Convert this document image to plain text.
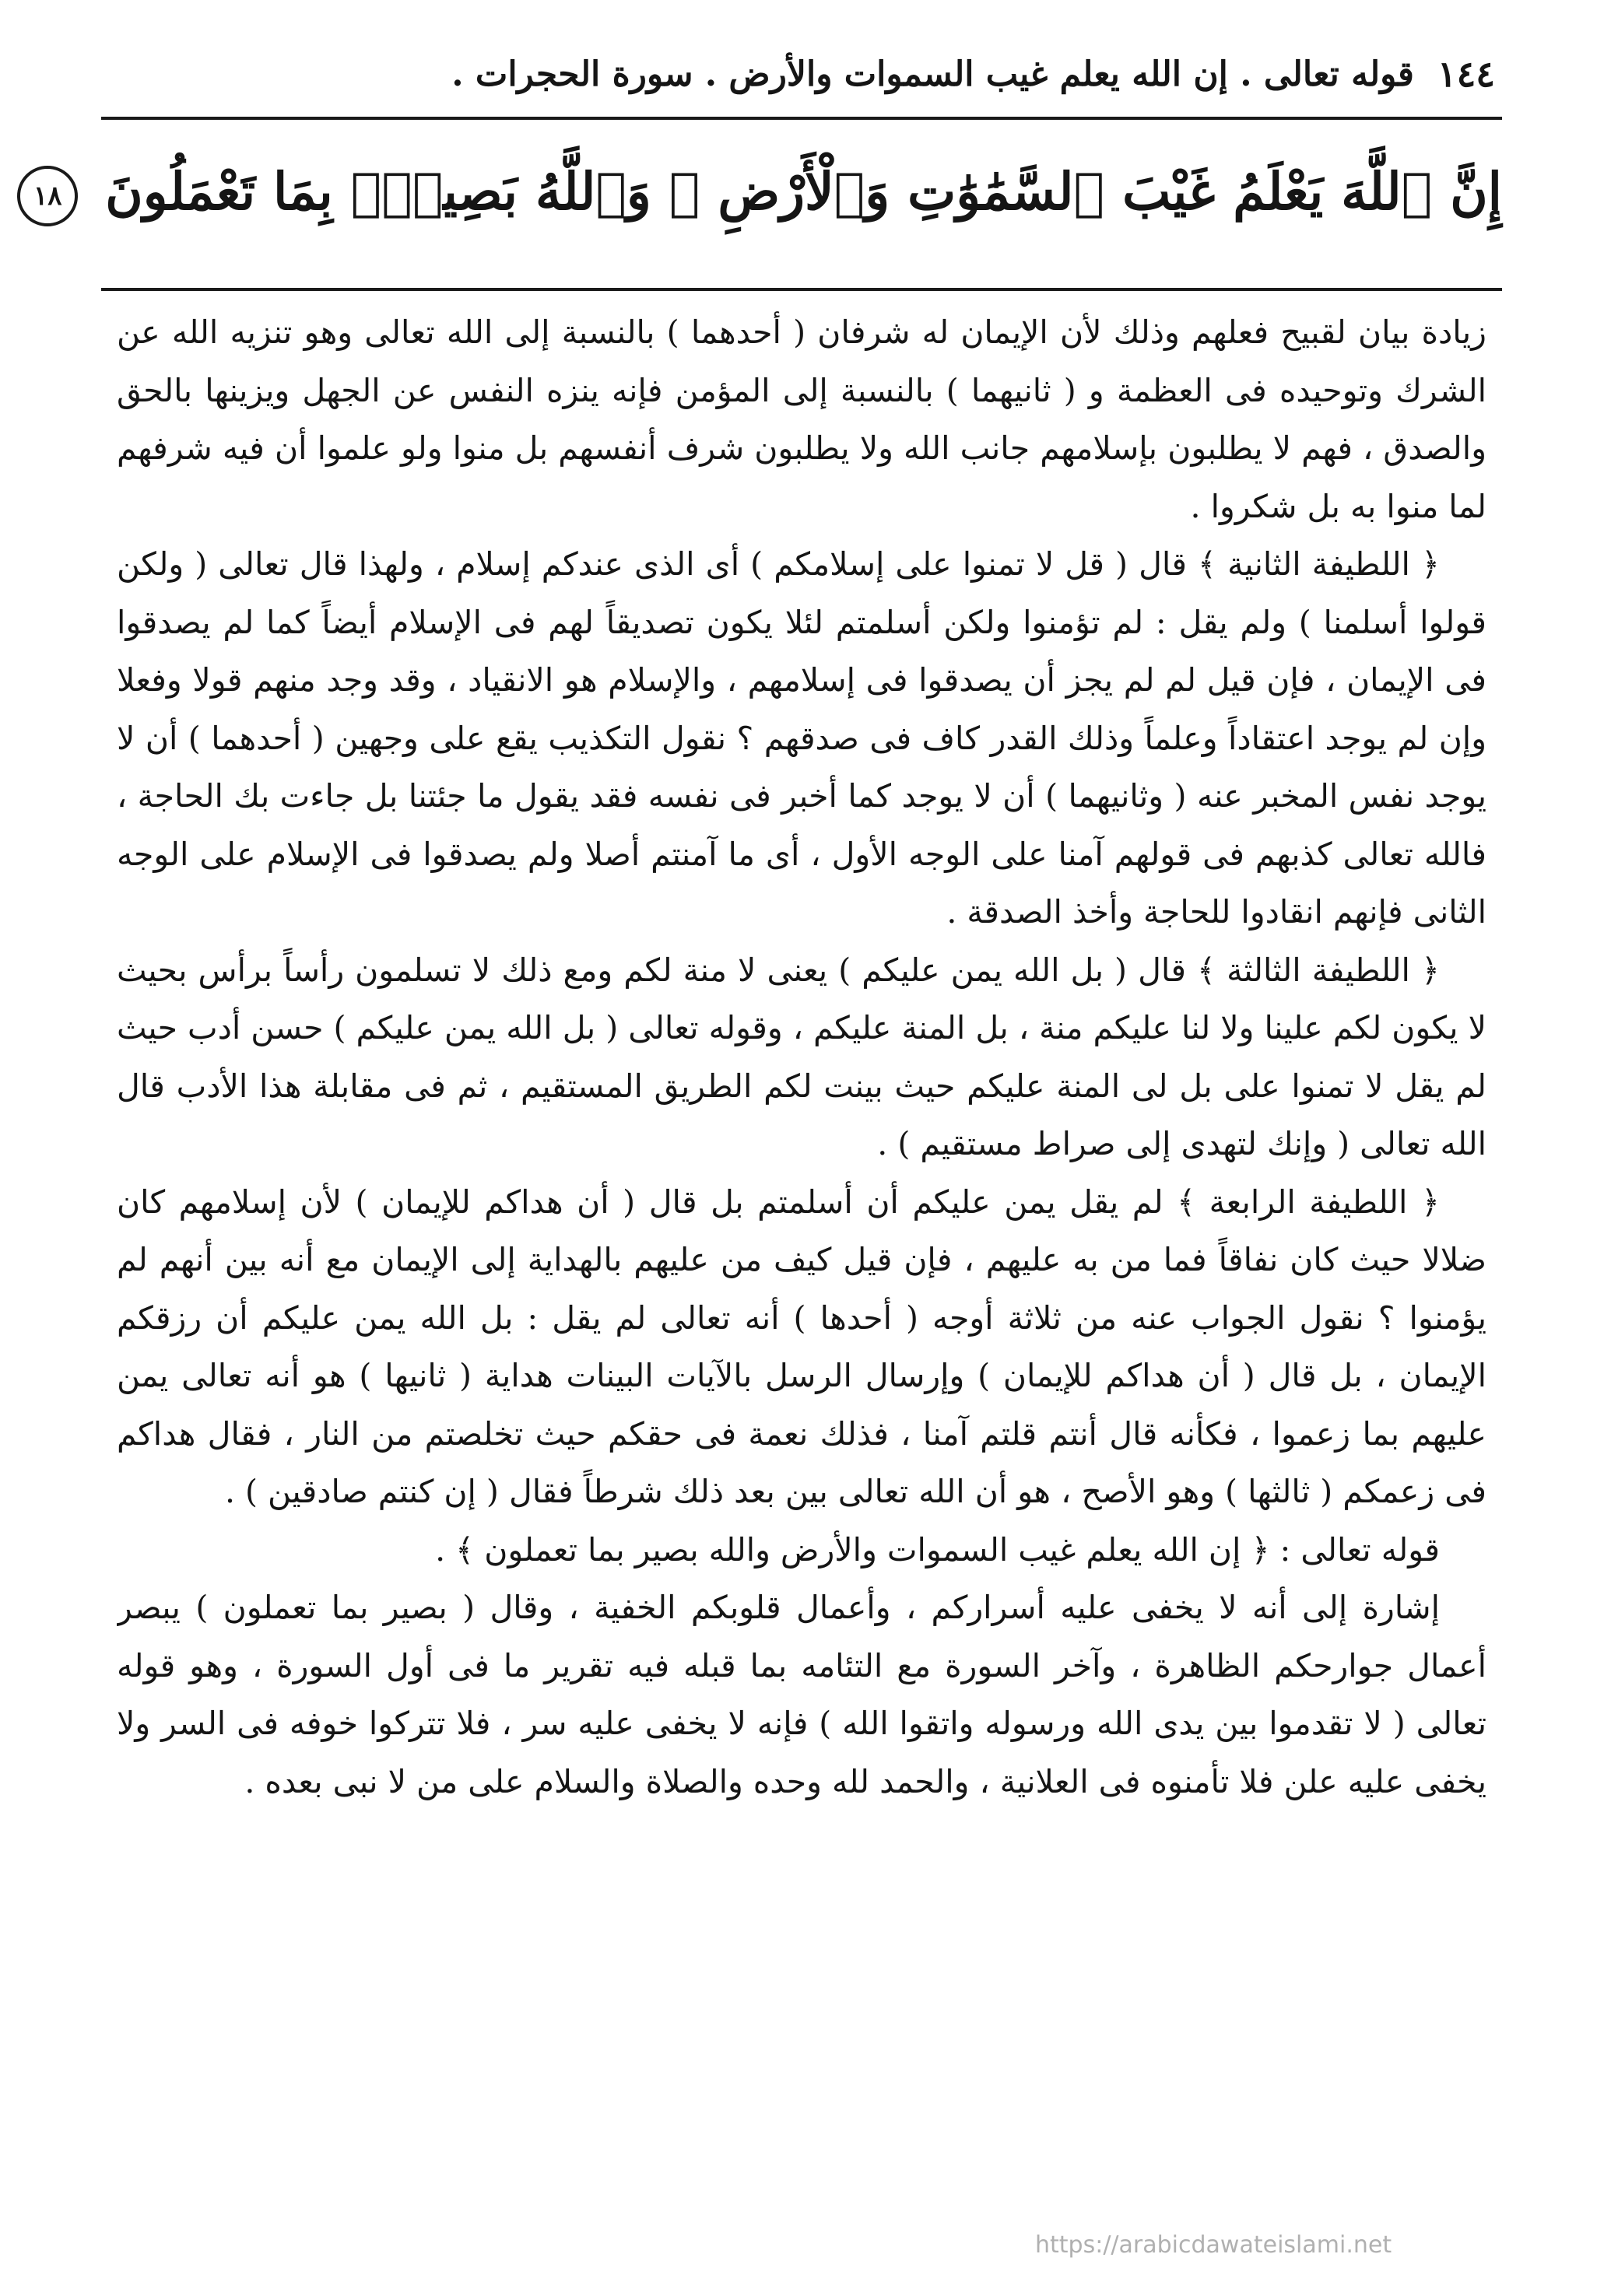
١٤٤
قوله تعالى . إن الله يعلم غيب السموات والأرض . سورة الحجرات .
إِنَّ ٱللَّهَ يَعْلَمُ غَيْبَ ٱلسَّمَٰوَٰتِ وَٱلْأَرْضِ ۚ وَٱللَّهُ بَصِيرٌۢ بِمَا تَعْمَلُونَ ١٨

زيادة بيان لقبيح فعلهم وذلك لأن الإيمان له شرفان ( أحدهما ) بالنسبة إلى الله تعالى وهو تنزيه الله عن الشرك وتوحيده فى العظمة و ( ثانيهما ) بالنسبة إلى المؤمن فإنه ينزه النفس عن الجهل ويزينها بالحق والصدق ، فهم لا يطلبون بإسلامهم جانب الله ولا يطلبون شرف أنفسهم بل منوا ولو علموا أن فيه شرفهم لما منوا به بل شكروا .

﴿ اللطيفة الثانية ﴾ قال ( قل لا تمنوا على إسلامكم ) أى الذى عندكم إسلام ، ولهذا قال تعالى ( ولكن قولوا أسلمنا ) ولم يقل : لم تؤمنوا ولكن أسلمتم لئلا يكون تصديقاً لهم فى الإسلام أيضاً كما لم يصدقوا فى الإيمان ، فإن قيل لم لم يجز أن يصدقوا فى إسلامهم ، والإسلام هو الانقياد ، وقد وجد منهم قولا وفعلا وإن لم يوجد اعتقاداً وعلماً وذلك القدر كاف فى صدقهم ؟ نقول التكذيب يقع على وجهين ( أحدهما ) أن لا يوجد نفس المخبر عنه ( وثانيهما ) أن لا يوجد كما أخبر فى نفسه فقد يقول ما جئتنا بل جاءت بك الحاجة ، فالله تعالى كذبهم فى قولهم آمنا على الوجه الأول ، أى ما آمنتم أصلا ولم يصدقوا فى الإسلام على الوجه الثانى فإنهم انقادوا للحاجة وأخذ الصدقة .

﴿ اللطيفة الثالثة ﴾ قال ( بل الله يمن عليكم ) يعنى لا منة لكم ومع ذلك لا تسلمون رأساً برأس بحيث لا يكون لكم علينا ولا لنا عليكم منة ، بل المنة عليكم ، وقوله تعالى ( بل الله يمن عليكم ) حسن أدب حيث لم يقل لا تمنوا على بل لى المنة عليكم حيث بينت لكم الطريق المستقيم ، ثم فى مقابلة هذا الأدب قال الله تعالى ( وإنك لتهدى إلى صراط مستقيم ) .

﴿ اللطيفة الرابعة ﴾ لم يقل يمن عليكم أن أسلمتم بل قال ( أن هداكم للإيمان ) لأن إسلامهم كان ضلالا حيث كان نفاقاً فما من به عليهم ، فإن قيل كيف من عليهم بالهداية إلى الإيمان مع أنه بين أنهم لم يؤمنوا ؟ نقول الجواب عنه من ثلاثة أوجه ( أحدها ) أنه تعالى لم يقل : بل الله يمن عليكم أن رزقكم الإيمان ، بل قال ( أن هداكم للإيمان ) وإرسال الرسل بالآيات البينات هداية ( ثانيها ) هو أنه تعالى يمن عليهم بما زعموا ، فكأنه قال أنتم قلتم آمنا ، فذلك نعمة فى حقكم حيث تخلصتم من النار ، فقال هداكم فى زعمكم ( ثالثها ) وهو الأصح ، هو أن الله تعالى بين بعد ذلك شرطاً فقال ( إن كنتم صادقين ) .

قوله تعالى : ﴿ إن الله يعلم غيب السموات والأرض والله بصير بما تعملون ﴾ .

إشارة إلى أنه لا يخفى عليه أسراركم ، وأعمال قلوبكم الخفية ، وقال ( بصير بما تعملون ) يبصر أعمال جوارحكم الظاهرة ، وآخر السورة مع التئامه بما قبله فيه تقرير ما فى أول السورة ، وهو قوله تعالى ( لا تقدموا بين يدى الله ورسوله واتقوا الله ) فإنه لا يخفى عليه سر ، فلا تتركوا خوفه فى السر ولا يخفى عليه علن فلا تأمنوه فى العلانية ، والحمد لله وحده والصلاة والسلام على من لا نبى بعده .

https://arabicdawateislami.net
